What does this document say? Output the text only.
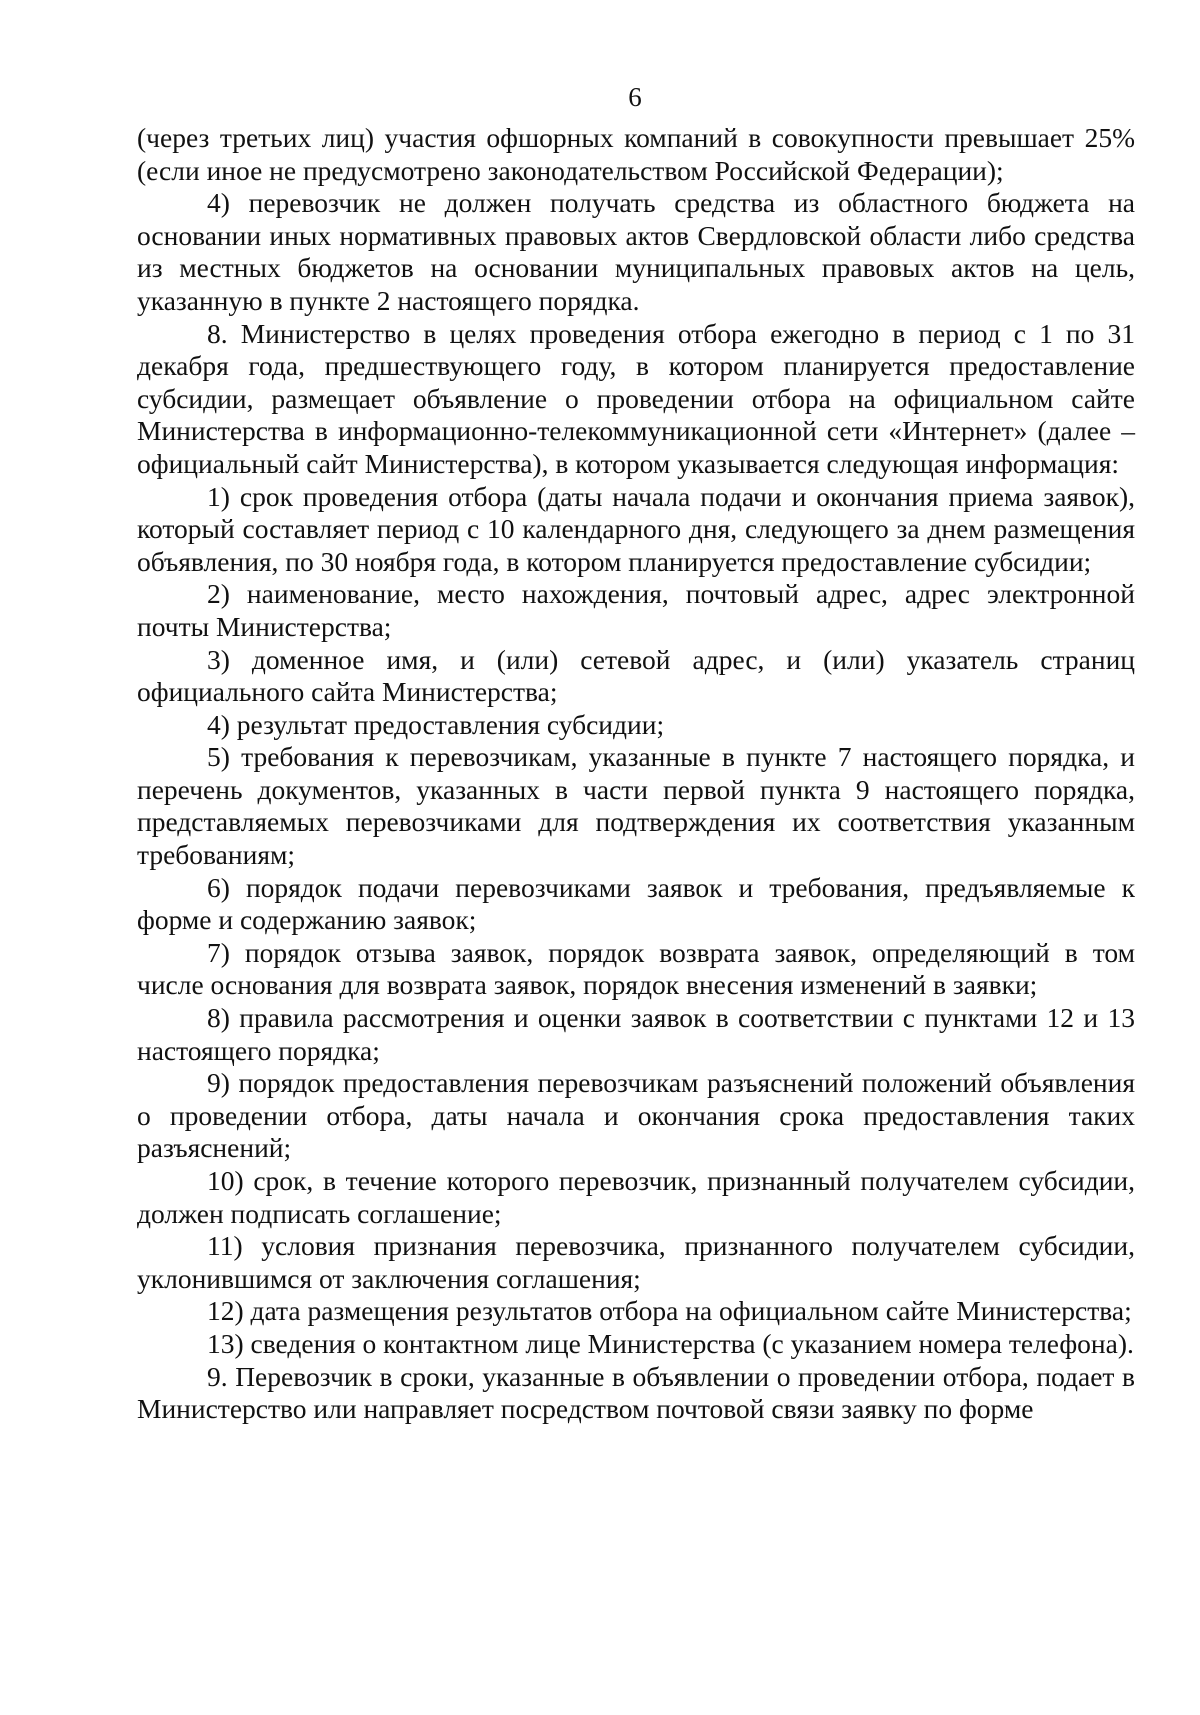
6

(через третьих лиц) участия офшорных компаний в совокупности превышает 25% (если иное не предусмотрено законодательством Российской Федерации);

4) перевозчик не должен получать средства из областного бюджета на основании иных нормативных правовых актов Свердловской области либо средства из местных бюджетов на основании муниципальных правовых актов на цель, указанную в пункте 2 настоящего порядка.

8. Министерство в целях проведения отбора ежегодно в период с 1 по 31 декабря года, предшествующего году, в котором планируется предоставление субсидии, размещает объявление о проведении отбора на официальном сайте Министерства в информационно-телекоммуникационной сети «Интернет» (далее – официальный сайт Министерства), в котором указывается следующая информация:

1) срок проведения отбора (даты начала подачи и окончания приема заявок), который составляет период с 10 календарного дня, следующего за днем размещения объявления, по 30 ноября года, в котором планируется предоставление субсидии;

2) наименование, место нахождения, почтовый адрес, адрес электронной почты Министерства;

3) доменное имя, и (или) сетевой адрес, и (или) указатель страниц официального сайта Министерства;

4) результат предоставления субсидии;

5) требования к перевозчикам, указанные в пункте 7 настоящего порядка, и перечень документов, указанных в части первой пункта 9 настоящего порядка, представляемых перевозчиками для подтверждения их соответствия указанным требованиям;

6) порядок подачи перевозчиками заявок и требования, предъявляемые к форме и содержанию заявок;

7) порядок отзыва заявок, порядок возврата заявок, определяющий в том числе основания для возврата заявок, порядок внесения изменений в заявки;

8) правила рассмотрения и оценки заявок в соответствии с пунктами 12 и 13 настоящего порядка;

9) порядок предоставления перевозчикам разъяснений положений объявления о проведении отбора, даты начала и окончания срока предоставления таких разъяснений;

10) срок, в течение которого перевозчик, признанный получателем субсидии, должен подписать соглашение;

11) условия признания перевозчика, признанного получателем субсидии, уклонившимся от заключения соглашения;

12) дата размещения результатов отбора на официальном сайте Министерства;

13) сведения о контактном лице Министерства (с указанием номера телефона).

9. Перевозчик в сроки, указанные в объявлении о проведении отбора, подает в Министерство или направляет посредством почтовой связи заявку по форме
